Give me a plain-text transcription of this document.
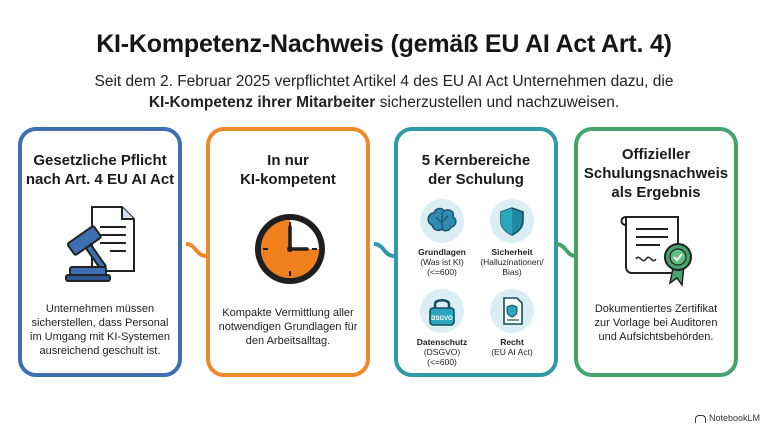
KI-Kompetenz-Nachweis (gemäß EU AI Act Art. 4)
Seit dem 2. Februar 2025 verpflichtet Artikel 4 des EU AI Act Unternehmen dazu, die
KI-Kompetenz ihrer Mitarbeiter sicherzustellen und nachzuweisen.
Gesetzliche Pflicht
nach Art. 4 EU AI Act
Unternehmen müssen
sicherstellen, dass Personal
im Umgang mit KI-Systemen
ausreichend geschult ist.
In nur
KI-kompetent
Kompakte Vermittlung aller
notwendigen Grundlagen für
den Arbeitsalltag.
5 Kernbereiche
der Schulung
Grundlagen
(Was ist KI)
(<=600)
Sicherheit
(Halluzinationen/
Bias)
DSGVO
Datenschutz
(DSGVO)
(<=600)
Recht
(EU AI Act)
Offizieller
Schulungsnachweis
als Ergebnis
Dokumentiertes Zertifikat
zur Vorlage bei Auditoren
und Aufsichtsbehörden.
NotebookLM
